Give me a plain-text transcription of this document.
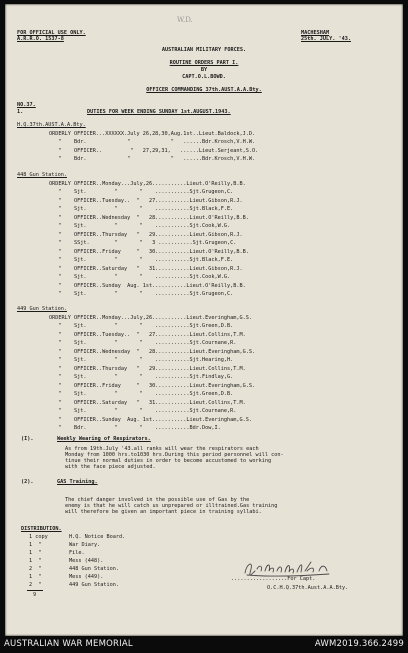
FOR OFFICIAL USE ONLY.
A.R.R.O. 1537-8
W.D.
MACHESHAM
25th. JULY. '43.
AUSTRALIAN MILITARY FORCES.
ROUTINE ORDERS PART I.
BY
CAPT.O.L.BOWD.
OFFICER COMMANDING 37th.AUST.A.A.Bty.
NO.37.
1.	DUTIES FOR WEEK ENDING SUNDAY 1st.AUGUST.1943.
H.Q.37th.AUST.A.A.Bty.
ORDERLY OFFICER...XXXXXX.July 26,28,30,Aug.1st..Lieut.Baldock,J.D.
"    Bdr.             "             "   ......Bdr.Krosch,V.H.W.
"    OFFICER..         "   27,29,31,   ......Lieut.Serjeant,S.O.
"    Bdr.             "             "   ......Bdr.Krosch,V.H.W.
448 Gun Station.
ORDERLY OFFICER..Monday...July,26...........Lieut.O'Reilly,B.B.
"    Sjt.         "       "    ...........Sjt.Grugeon,C.
"    OFFICER..Tuesday..  "   27...........Lieut.Gibson,R.J.
"    Sjt.         "       "    ...........Sjt.Black,F.E.
"    OFFICER..Wednesday  "   28...........Lieut.O'Reilly,B.B.
"    Sjt.         "       "    ...........Sjt.Cook,W.G.
"    OFFICER..Thursday   "   29...........Lieut.Gibson,R.J.
"    SSjt.        "       "   3 ...........Sjt.Grugeon,C.
"    OFFICER..Friday     "   30...........Lieut.O'Reilly,B.B.
"    Sjt.         "       "    ...........Sjt.Black,F.E.
"    OFFICER..Saturday   "   31...........Lieut.Gibson,R.J.
"    Sjt.         "       "    ...........Sjt.Cook,W.G.
"    OFFICER..Sunday  Aug. 1st...........Lieut.O'Reilly,B.B.
"    Sjt.         "       "    ...........Sjt.Grugeon,C.
449 Gun Station.
ORDERLY OFFICER..Monday...July,26...........Lieut.Everingham,G.S.
"    Sjt.         "       "    ...........Sjt.Green,D.B.
"    OFFICER..Tuesday..  "   27...........Lieut.Collins,T.M.
"    Sjt.         "       "    ...........Sjt.Cournane,R.
"    OFFICER..Wednesday  "   28...........Lieut.Everingham,G.S.
"    Sjt.         "       "    ...........Sjt.Hearing,H.
"    OFFICER..Thursday   "   29...........Lieut.Collins,T.M.
"    Sjt.         "       "    ...........Sjt.Findlay,G.
"    OFFICER..Friday     "   30...........Lieut.Everingham,G.S.
"    Sjt.         "       "    ...........Sjt.Green,D.B.
"    OFFICER..Saturday   "   31...........Lieut.Collins,T.M.
"    Sjt.         "       "    ...........Sjt.Cournane,R.
"    OFFICER..Sunday  Aug. 1st...........Lieut.Everingham,G.S.
"    Bdr.         "       "    ...........Bdr.Dow,I.
(I).	Weekly Wearing of Respirators.
As from 19th.July '43.all ranks will wear the respirators each
Monday from 1000 hrs.to1030 hrs.During this period personnel will con-
tinue their normal duties in order to become accustomed to working
with the face piece adjusted.
(2).	GAS Training.
The chief danger involved in the possible use of Gas by the
enemy is that he will catch us unprepared or illtrained.Gas training
will therefore be given an important piece in training syllabi.
DISTRIBUTION.
1 copy	H.Q. Notice Board.
1  "	War Diary.
1  "	File.
1  "	Mess (448).
2  "	448 Gun Station.
1  "	Mess (449).
2  "	449 Gun Station.
9
..................For Capt.
O.C.H.Q.37th.Aust.A.A.Bty.
AUSTRALIAN WAR MEMORIAL	AWM2019.366.2499
